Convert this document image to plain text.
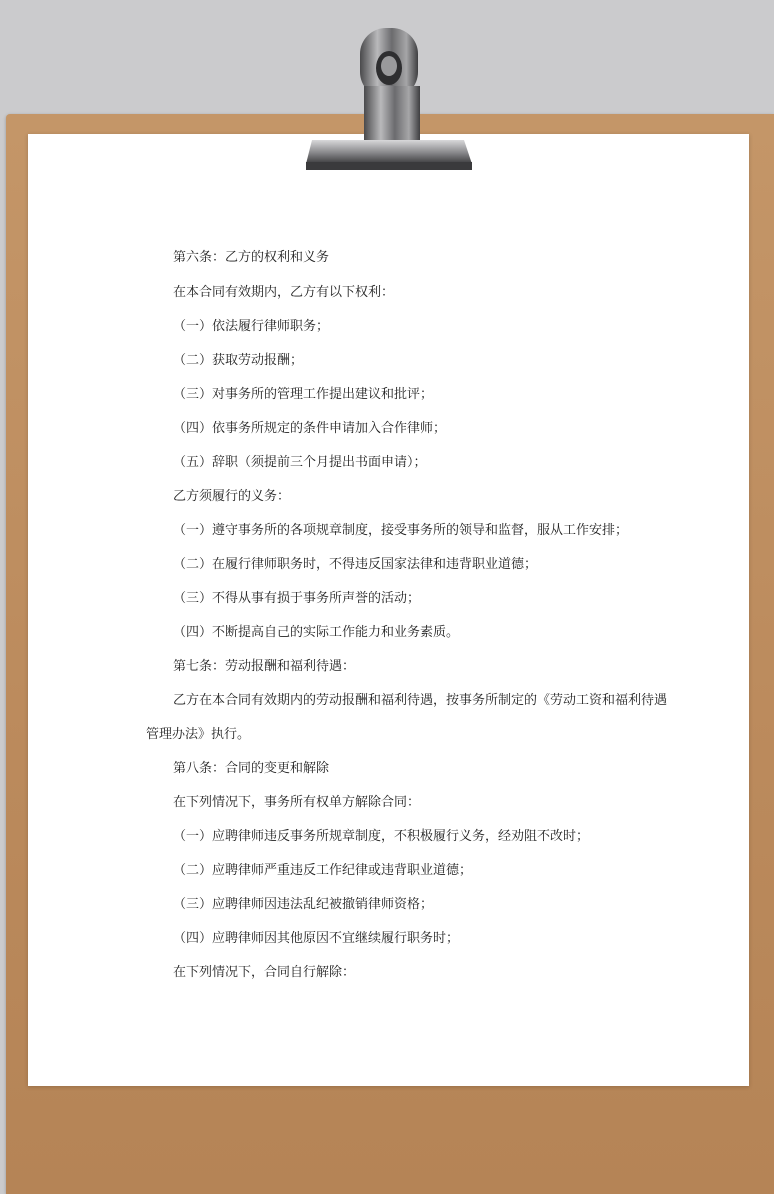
第六条：乙方的权利和义务

在本合同有效期内，乙方有以下权利：

（一）依法履行律师职务；

（二）获取劳动报酬；

（三）对事务所的管理工作提出建议和批评；

（四）依事务所规定的条件申请加入合作律师；

（五）辞职（须提前三个月提出书面申请）；

乙方须履行的义务：

（一）遵守事务所的各项规章制度，接受事务所的领导和监督，服从工作安排；

（二）在履行律师职务时，不得违反国家法律和违背职业道德；

（三）不得从事有损于事务所声誉的活动；

（四）不断提高自己的实际工作能力和业务素质。

第七条：劳动报酬和福利待遇：

乙方在本合同有效期内的劳动报酬和福利待遇，按事务所制定的《劳动工资和福利待遇

管理办法》执行。

第八条：合同的变更和解除

在下列情况下，事务所有权单方解除合同：

（一）应聘律师违反事务所规章制度，不积极履行义务，经劝阻不改时；

（二）应聘律师严重违反工作纪律或违背职业道德；

（三）应聘律师因违法乱纪被撤销律师资格；

（四）应聘律师因其他原因不宜继续履行职务时；

在下列情况下，合同自行解除：
